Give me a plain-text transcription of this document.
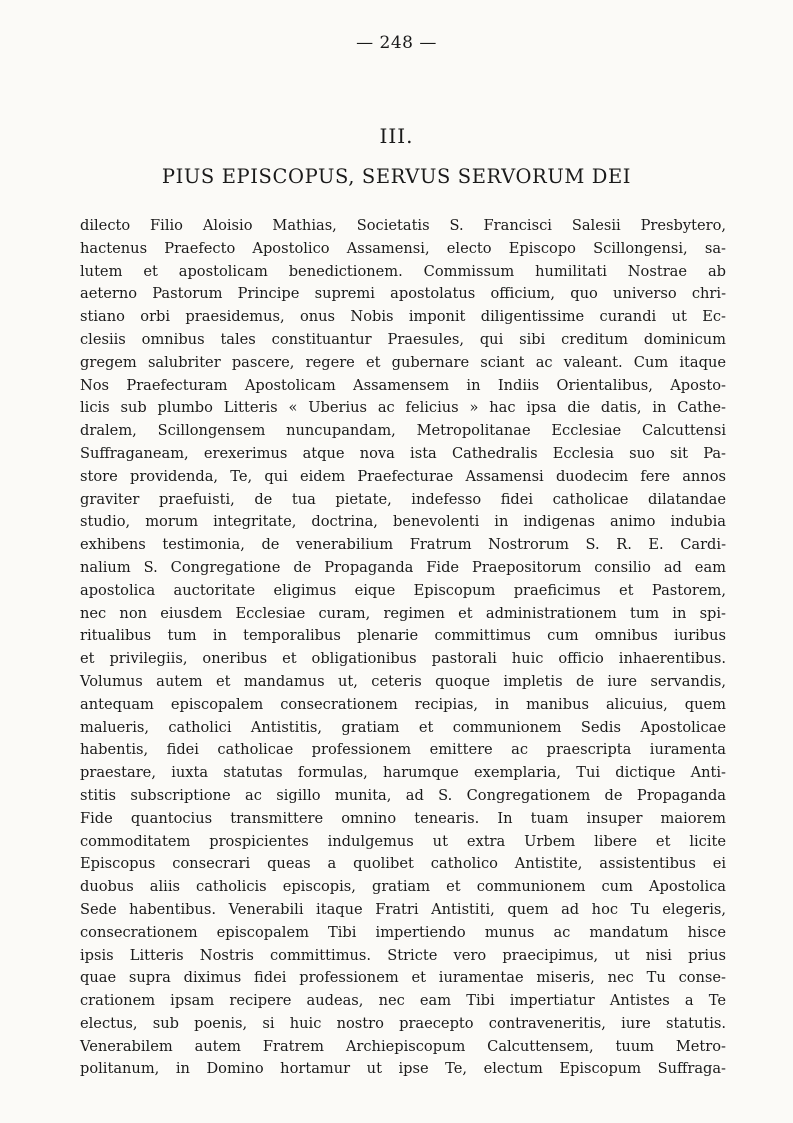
— 248 —
III.
PIUS EPISCOPUS, SERVUS SERVORUM DEI
dilecto Filio Aloisio Mathias, Societatis S. Francisci Salesii Presbytero,
hactenus Praefecto Apostolico Assamensi, electo Episcopo Scillongensi, sa-
lutem et apostolicam benedictionem. Commissum humilitati Nostrae ab
aeterno Pastorum Principe supremi apostolatus officium, quo universo chri-
stiano orbi praesidemus, onus Nobis imponit diligentissime curandi ut Ec-
clesiis omnibus tales constituantur Praesules, qui sibi creditum dominicum
gregem salubriter pascere, regere et gubernare sciant ac valeant. Cum itaque
Nos Praefecturam Apostolicam Assamensem in Indiis Orientalibus, Aposto-
licis sub plumbo Litteris « Uberius ac felicius » hac ipsa die datis, in Cathe-
dralem, Scillongensem nuncupandam, Metropolitanae Ecclesiae Calcuttensi
Suffraganeam, erexerimus atque nova ista Cathedralis Ecclesia suo sit Pa-
store providenda, Te, qui eidem Praefecturae Assamensi duodecim fere annos
graviter praefuisti, de tua pietate, indefesso fidei catholicae dilatandae
studio, morum integritate, doctrina, benevolenti in indigenas animo indubia
exhibens testimonia, de venerabilium Fratrum Nostrorum S. R. E. Cardi-
nalium S. Congregatione de Propaganda Fide Praepositorum consilio ad eam
apostolica auctoritate eligimus eique Episcopum praeficimus et Pastorem,
nec non eiusdem Ecclesiae curam, regimen et administrationem tum in spi-
ritualibus tum in temporalibus plenarie committimus cum omnibus iuribus
et privilegiis, oneribus et obligationibus pastorali huic officio inhaerentibus.
Volumus autem et mandamus ut, ceteris quoque impletis de iure servandis,
antequam episcopalem consecrationem recipias, in manibus alicuius, quem
malueris, catholici Antistitis, gratiam et communionem Sedis Apostolicae
habentis, fidei catholicae professionem emittere ac praescripta iuramenta
praestare, iuxta statutas formulas, harumque exemplaria, Tui dictique Anti-
stitis subscriptione ac sigillo munita, ad S. Congregationem de Propaganda
Fide quantocius transmittere omnino tenearis. In tuam insuper maiorem
commoditatem prospicientes indulgemus ut extra Urbem libere et licite
Episcopus consecrari queas a quolibet catholico Antistite, assistentibus ei
duobus aliis catholicis episcopis, gratiam et communionem cum Apostolica
Sede habentibus. Venerabili itaque Fratri Antistiti, quem ad hoc Tu elegeris,
consecrationem episcopalem Tibi impertiendo munus ac mandatum hisce
ipsis Litteris Nostris committimus. Stricte vero praecipimus, ut nisi prius
quae supra diximus fidei professionem et iuramentae miseris, nec Tu conse-
crationem ipsam recipere audeas, nec eam Tibi impertiatur Antistes a Te
electus, sub poenis, si huic nostro praecepto contraveneritis, iure statutis.
Venerabilem autem Fratrem Archiepiscopum Calcuttensem, tuum Metro-
politanum, in Domino hortamur ut ipse Te, electum Episcopum Suffraga-
